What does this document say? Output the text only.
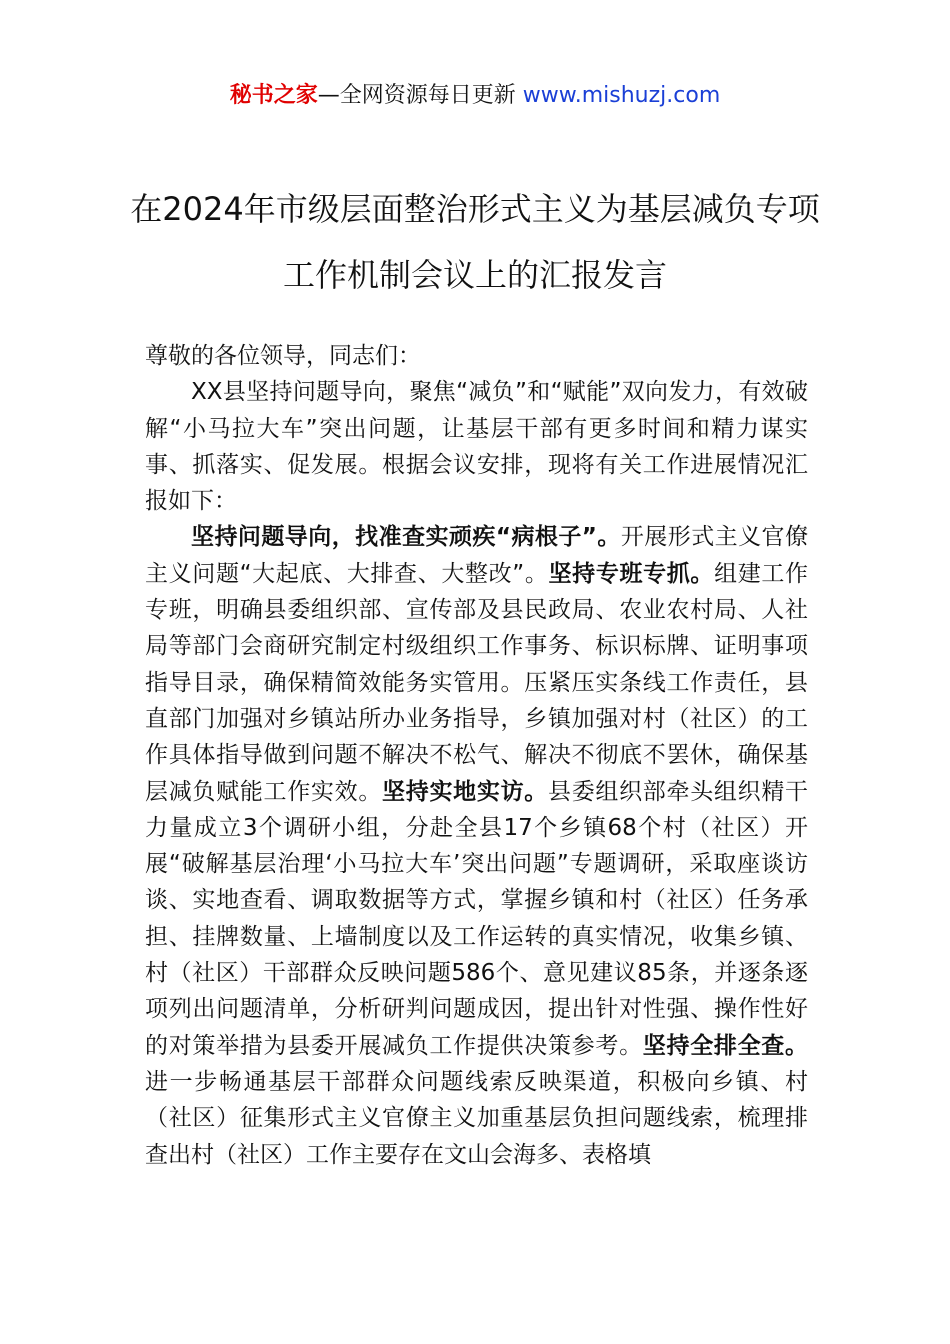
秘书之家—全网资源每日更新 www.mishuzj.com
在2024年市级层面整治形式主义为基层减负专项工作机制会议上的汇报发言

尊敬的各位领导，同志们：

XX县坚持问题导向，聚焦“减负”和“赋能”双向发力，有效破解“小马拉大车”突出问题，让基层干部有更多时间和精力谋实事、抓落实、促发展。根据会议安排，现将有关工作进展情况汇报如下：

坚持问题导向，找准查实顽疾“病根子”。开展形式主义官僚主义问题“大起底、大排查、大整改”。坚持专班专抓。组建工作专班，明确县委组织部、宣传部及县民政局、农业农村局、人社局等部门会商研究制定村级组织工作事务、标识标牌、证明事项指导目录，确保精简效能务实管用。压紧压实条线工作责任，县直部门加强对乡镇站所办业务指导，乡镇加强对村（社区）的工作具体指导做到问题不解决不松气、解决不彻底不罢休，确保基层减负赋能工作实效。坚持实地实访。县委组织部牵头组织精干力量成立3个调研小组，分赴全县17个乡镇68个村（社区）开展“破解基层治理‘小马拉大车’突出问题”专题调研，采取座谈访谈、实地查看、调取数据等方式，掌握乡镇和村（社区）任务承担、挂牌数量、上墙制度以及工作运转的真实情况，收集乡镇、村（社区）干部群众反映问题586个、意见建议85条，并逐条逐项列出问题清单，分析研判问题成因，提出针对性强、操作性好的对策举措为县委开展减负工作提供决策参考。坚持全排全查。进一步畅通基层干部群众问题线索反映渠道，积极向乡镇、村（社区）征集形式主义官僚主义加重基层负担问题线索，梳理排查出村（社区）工作主要存在文山会海多、表格填
